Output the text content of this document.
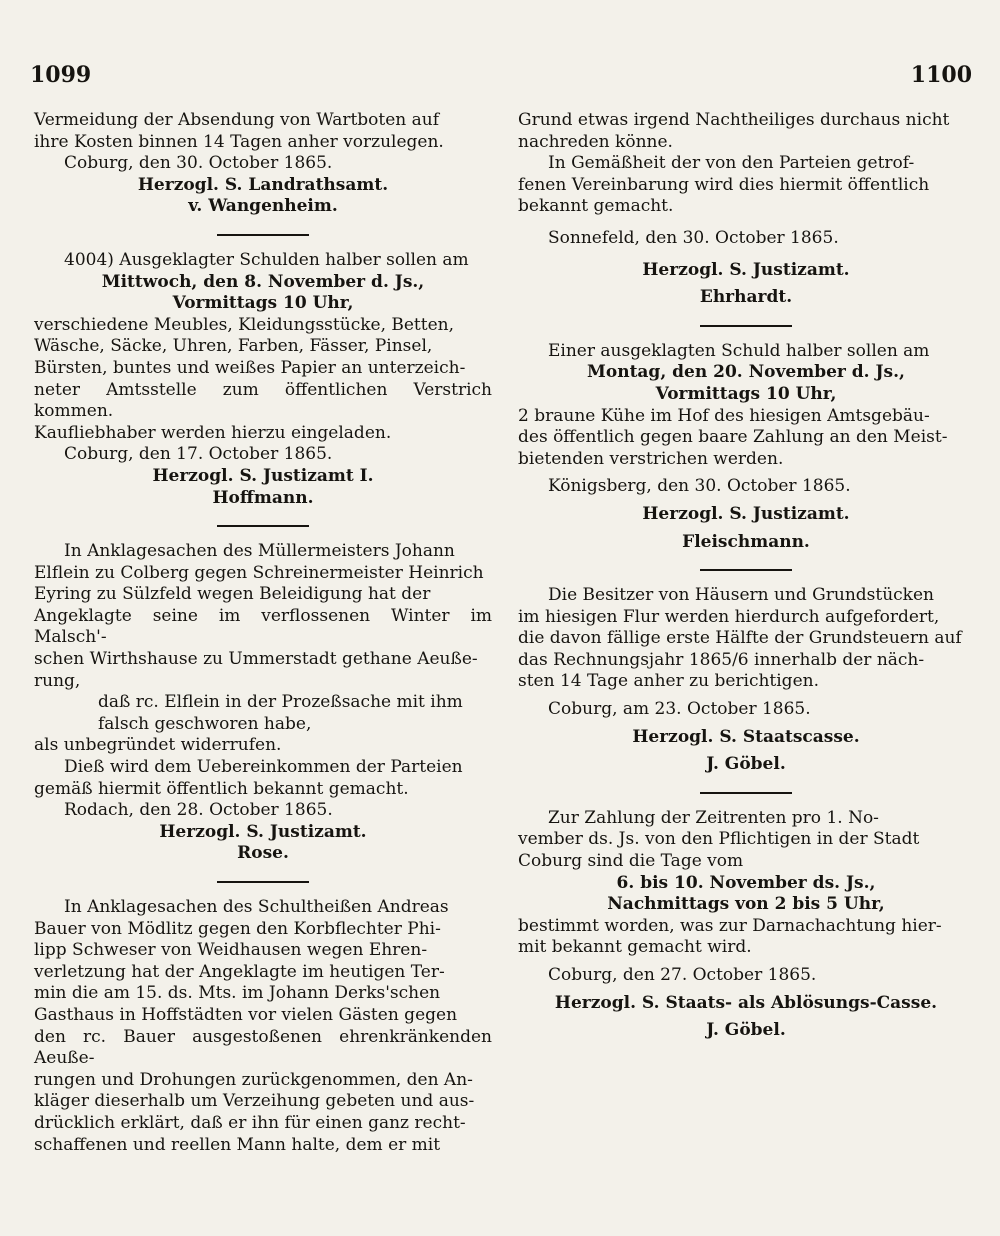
1099	1100

Vermeidung der Absendung von Wartboten auf

ihre Kosten binnen 14 Tagen anher vorzulegen.

Coburg, den 30. October 1865.

Herzogl. S. Landrathsamt.

v. Wangenheim.

4004) Ausgeklagter Schulden halber sollen am

Mittwoch, den 8. November d. Js.,

Vormittags 10 Uhr,

verschiedene Meubles, Kleidungsstücke, Betten,

Wäsche, Säcke, Uhren, Farben, Fässer, Pinsel,

Bürsten, buntes und weißes Papier an unterzeich-

neter Amtsstelle zum öffentlichen Verstrich kommen.

Kaufliebhaber werden hierzu eingeladen.

Coburg, den 17. October 1865.

Herzogl. S. Justizamt I.

Hoffmann.

In Anklagesachen des Müllermeisters Johann

Elflein zu Colberg gegen Schreinermeister Heinrich

Eyring zu Sülzfeld wegen Beleidigung hat der

Angeklagte seine im verflossenen Winter im Malsch'-

schen Wirthshause zu Ummerstadt gethane Aeuße-

rung,

daß rc. Elflein in der Prozeßsache mit ihm

falsch geschworen habe,

als unbegründet widerrufen.

Dieß wird dem Uebereinkommen der Parteien

gemäß hiermit öffentlich bekannt gemacht.

Rodach, den 28. October 1865.

Herzogl. S. Justizamt.

Rose.

In Anklagesachen des Schultheißen Andreas

Bauer von Mödlitz gegen den Korbflechter Phi-

lipp Schweser von Weidhausen wegen Ehren-

verletzung hat der Angeklagte im heutigen Ter-

min die am 15. ds. Mts. im Johann Derks'schen

Gasthaus in Hoffstädten vor vielen Gästen gegen

den rc. Bauer ausgestoßenen ehrenkränkenden Aeuße-

rungen und Drohungen zurückgenommen, den An-

kläger dieserhalb um Verzeihung gebeten und aus-

drücklich erklärt, daß er ihn für einen ganz recht-

schaffenen und reellen Mann halte, dem er mit

Grund etwas irgend Nachtheiliges durchaus nicht

nachreden könne.

In Gemäßheit der von den Parteien getrof-

fenen Vereinbarung wird dies hiermit öffentlich

bekannt gemacht.

Sonnefeld, den 30. October 1865.

Herzogl. S. Justizamt.

Ehrhardt.

Einer ausgeklagten Schuld halber sollen am

Montag, den 20. November d. Js.,

Vormittags 10 Uhr,

2 braune Kühe im Hof des hiesigen Amtsgebäu-

des öffentlich gegen baare Zahlung an den Meist-

bietenden verstrichen werden.

Königsberg, den 30. October 1865.

Herzogl. S. Justizamt.

Fleischmann.

Die Besitzer von Häusern und Grundstücken

im hiesigen Flur werden hierdurch aufgefordert,

die davon fällige erste Hälfte der Grundsteuern auf

das Rechnungsjahr 1865/6 innerhalb der näch-

sten 14 Tage anher zu berichtigen.

Coburg, am 23. October 1865.

Herzogl. S. Staatscasse.

J. Göbel.

Zur Zahlung der Zeitrenten pro 1. No-

vember ds. Js. von den Pflichtigen in der Stadt

Coburg sind die Tage vom

6. bis 10. November ds. Js.,

Nachmittags von 2 bis 5 Uhr,

bestimmt worden, was zur Darnachachtung hier-

mit bekannt gemacht wird.

Coburg, den 27. October 1865.

Herzogl. S. Staats- als Ablösungs-Casse.

J. Göbel.
